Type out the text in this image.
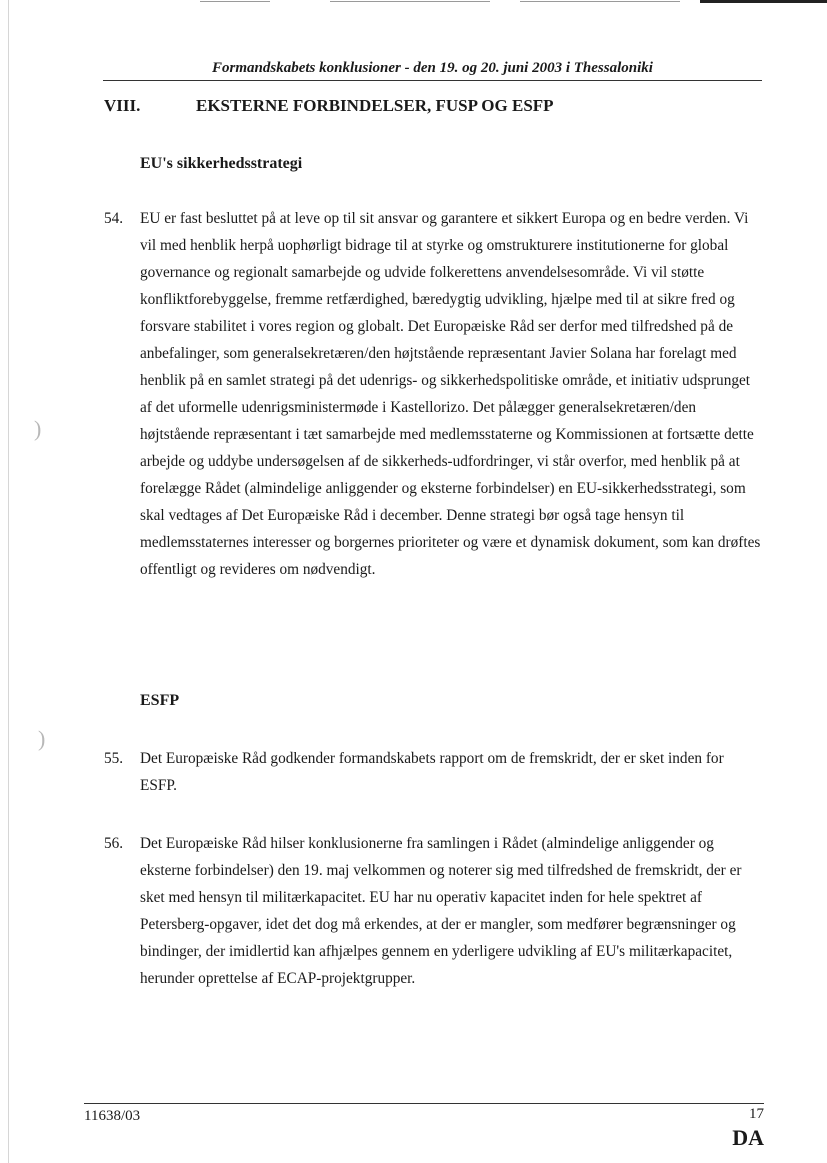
)
)
Formandskabets konklusioner - den 19. og 20. juni 2003 i Thessaloniki
VIII.	EKSTERNE FORBINDELSER, FUSP OG ESFP
EU's sikkerhedsstrategi
54. EU er fast besluttet på at leve op til sit ansvar og garantere et sikkert Europa og en bedre verden. Vi vil med henblik herpå uophørligt bidrage til at styrke og omstrukturere institutionerne for global governance og regionalt samarbejde og udvide folkerettens anvendelsesområde. Vi vil støtte konfliktforebyggelse, fremme retfærdighed, bæredygtig udvikling, hjælpe med til at sikre fred og forsvare stabilitet i vores region og globalt. Det Europæiske Råd ser derfor med tilfredshed på de anbefalinger, som generalsekretæren/den højtstående repræsentant Javier Solana har forelagt med henblik på en samlet strategi på det udenrigs- og sikkerhedspolitiske område, et initiativ udsprunget af det uformelle udenrigsministermøde i Kastellorizo. Det pålægger generalsekretæren/den højtstående repræsentant i tæt samarbejde med medlemsstaterne og Kommissionen at fortsætte dette arbejde og uddybe undersøgelsen af de sikkerheds-udfordringer, vi står overfor, med henblik på at forelægge Rådet (almindelige anliggender og eksterne forbindelser) en EU-sikkerhedsstrategi, som skal vedtages af Det Europæiske Råd i december. Denne strategi bør også tage hensyn til medlemsstaternes interesser og borgernes prioriteter og være et dynamisk dokument, som kan drøftes offentligt og revideres om nødvendigt.
ESFP
55. Det Europæiske Råd godkender formandskabets rapport om de fremskridt, der er sket inden for ESFP.
56. Det Europæiske Råd hilser konklusionerne fra samlingen i Rådet (almindelige anliggender og eksterne forbindelser) den 19. maj velkommen og noterer sig med tilfredshed de fremskridt, der er sket med hensyn til militærkapacitet. EU har nu operativ kapacitet inden for hele spektret af Petersberg-opgaver, idet det dog må erkendes, at der er mangler, som medfører begrænsninger og bindinger, der imidlertid kan afhjælpes gennem en yderligere udvikling af EU's militærkapacitet, herunder oprettelse af ECAP-projektgrupper.
11638/03	17
DA
